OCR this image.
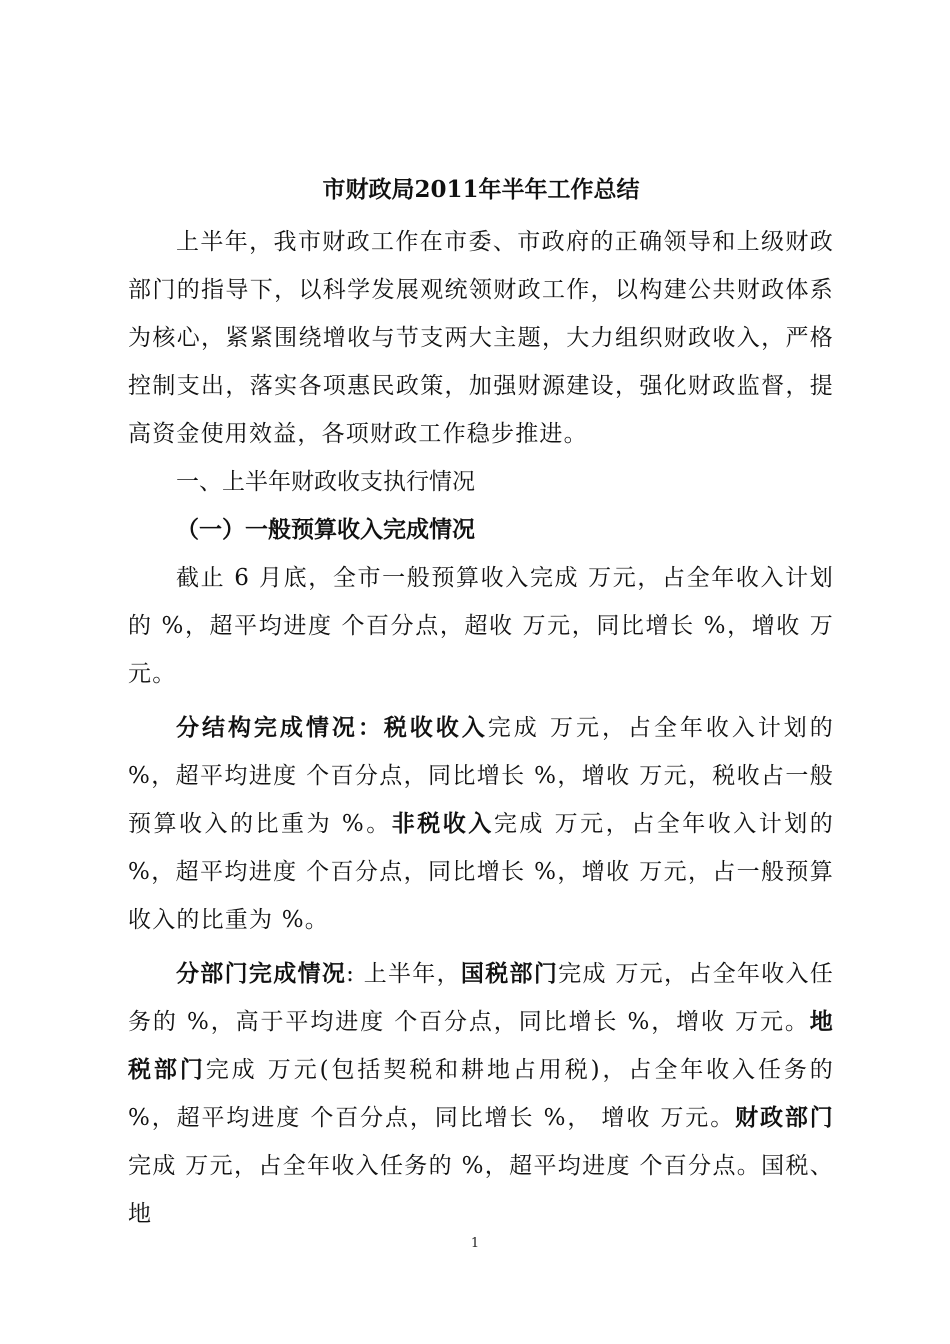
市财政局2011年半年工作总结

上半年，我市财政工作在市委、市政府的正确领导和上级财政部门的指导下，以科学发展观统领财政工作，以构建公共财政体系为核心，紧紧围绕增收与节支两大主题，大力组织财政收入，严格控制支出，落实各项惠民政策，加强财源建设，强化财政监督，提高资金使用效益，各项财政工作稳步推进。

一、上半年财政收支执行情况

（一）一般预算收入完成情况

截止 6 月底，全市一般预算收入完成 万元，占全年收入计划的 %，超平均进度 个百分点，超收 万元，同比增长 %，增收 万元。

分结构完成情况：税收收入完成 万元，占全年收入计划的 %，超平均进度 个百分点，同比增长 %，增收 万元，税收占一般预算收入的比重为 %。非税收入完成 万元，占全年收入计划的 %，超平均进度 个百分点，同比增长 %，增收 万元，占一般预算收入的比重为 %。

分部门完成情况: 上半年，国税部门完成 万元，占全年收入任务的 %，高于平均进度 个百分点，同比增长 %，增收 万元。地税部门完成 万元(包括契税和耕地占用税)，占全年收入任务的 %，超平均进度 个百分点，同比增长 %， 增收 万元。财政部门完成 万元，占全年收入任务的 %，超平均进度 个百分点。国税、地

1
